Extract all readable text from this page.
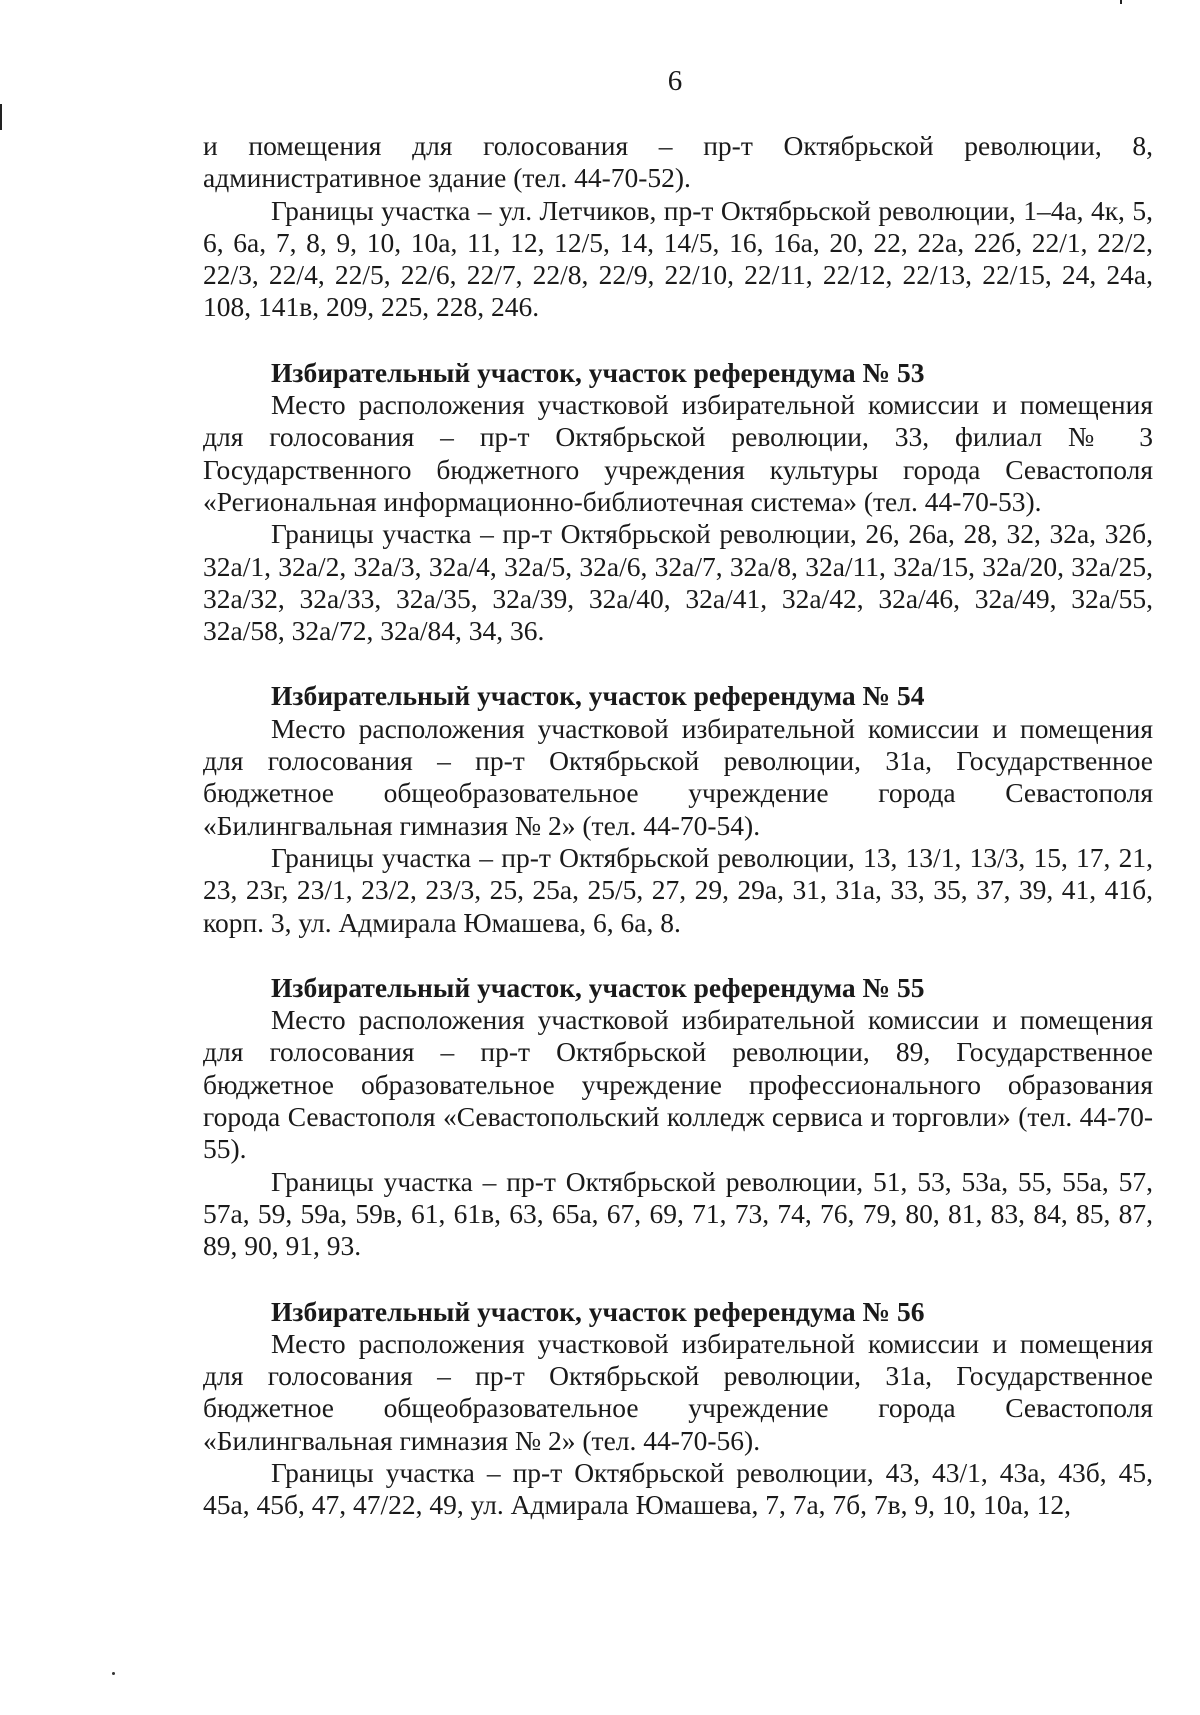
6

и помещения для голосования – пр-т Октябрьской революции, 8, административное здание (тел. 44-70-52).

Границы участка – ул. Летчиков, пр-т Октябрьской революции, 1–4а, 4к, 5, 6, 6а, 7, 8, 9, 10, 10а, 11, 12, 12/5, 14, 14/5, 16, 16а, 20, 22, 22а, 22б, 22/1, 22/2, 22/3, 22/4, 22/5, 22/6, 22/7, 22/8, 22/9, 22/10, 22/11, 22/12, 22/13, 22/15, 24, 24а, 108, 141в, 209, 225, 228, 246.

Избирательный участок, участок референдума № 53

Место расположения участковой избирательной комиссии и помещения для голосования – пр-т Октябрьской революции, 33, филиал № 3 Государственного бюджетного учреждения культуры города Севастополя «Региональная информационно-библиотечная система» (тел. 44-70-53).

Границы участка – пр-т Октябрьской революции, 26, 26а, 28, 32, 32а, 32б, 32а/1, 32а/2, 32а/3, 32а/4, 32а/5, 32а/6, 32а/7, 32а/8, 32а/11, 32а/15, 32а/20, 32а/25, 32а/32, 32а/33, 32а/35, 32а/39, 32а/40, 32а/41, 32а/42, 32а/46, 32а/49, 32а/55, 32а/58, 32а/72, 32а/84, 34, 36.

Избирательный участок, участок референдума № 54

Место расположения участковой избирательной комиссии и помещения для голосования – пр-т Октябрьской революции, 31а, Государственное бюджетное общеобразовательное учреждение города Севастополя «Билингвальная гимназия № 2» (тел. 44-70-54).

Границы участка – пр-т Октябрьской революции, 13, 13/1, 13/3, 15, 17, 21, 23, 23г, 23/1, 23/2, 23/3, 25, 25а, 25/5, 27, 29, 29а, 31, 31а, 33, 35, 37, 39, 41, 41б, корп. 3, ул. Адмирала Юмашева, 6, 6а, 8.

Избирательный участок, участок референдума № 55

Место расположения участковой избирательной комиссии и помещения для голосования – пр-т Октябрьской революции, 89, Государственное бюджетное образовательное учреждение профессионального образования города Севастополя «Севастопольский колледж сервиса и торговли» (тел. 44-70-55).

Границы участка – пр-т Октябрьской революции, 51, 53, 53а, 55, 55а, 57, 57а, 59, 59а, 59в, 61, 61в, 63, 65а, 67, 69, 71, 73, 74, 76, 79, 80, 81, 83, 84, 85, 87, 89, 90, 91, 93.

Избирательный участок, участок референдума № 56

Место расположения участковой избирательной комиссии и помещения для голосования – пр-т Октябрьской революции, 31а, Государственное бюджетное общеобразовательное учреждение города Севастополя «Билингвальная гимназия № 2» (тел. 44-70-56).

Границы участка – пр-т Октябрьской революции, 43, 43/1, 43а, 43б, 45, 45а, 45б, 47, 47/22, 49, ул. Адмирала Юмашева, 7, 7а, 7б, 7в, 9, 10, 10а, 12,
